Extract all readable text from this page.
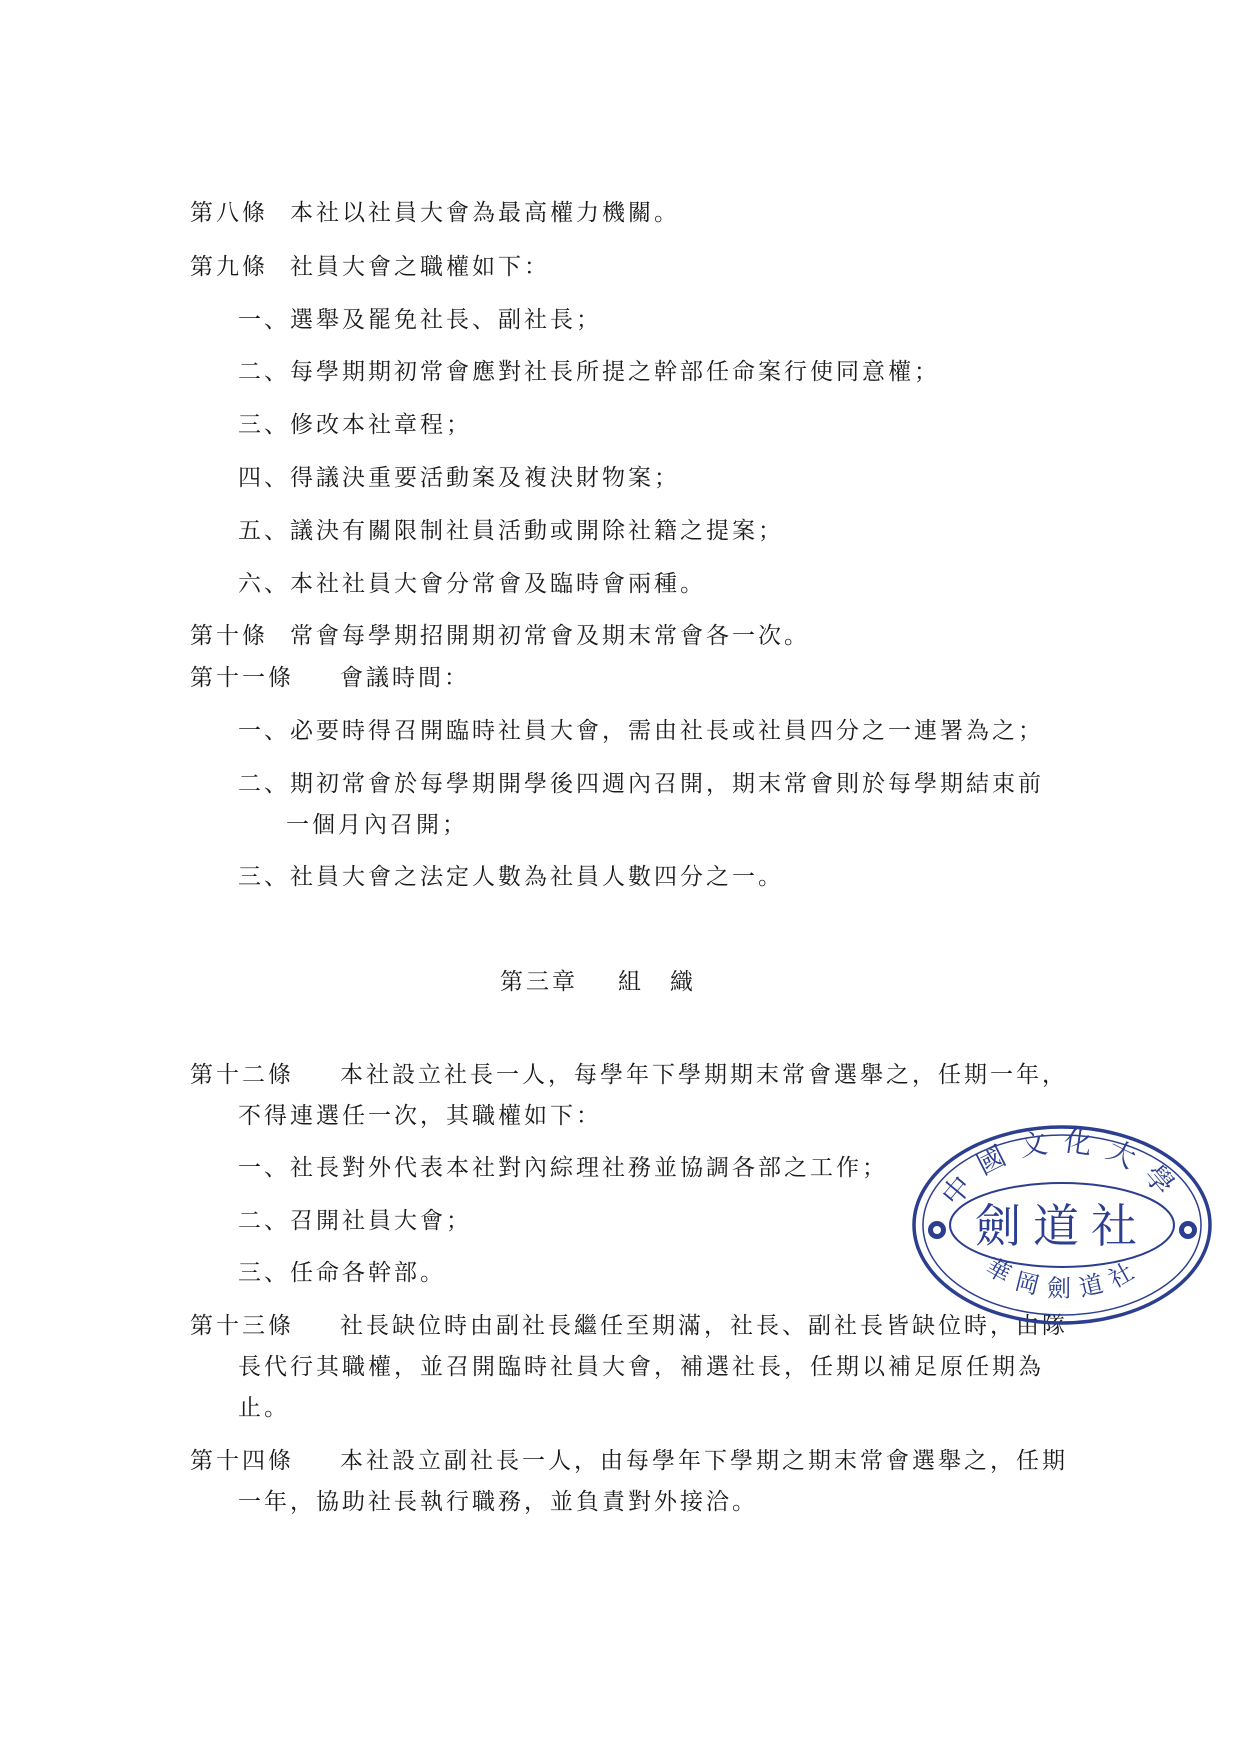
第八條 本社以社員大會為最高權力機關。
第九條 社員大會之職權如下：
一、選舉及罷免社長、副社長；
二、每學期期初常會應對社長所提之幹部任命案行使同意權；
三、修改本社章程；
四、得議決重要活動案及複決財物案；
五、議決有關限制社員活動或開除社籍之提案；
六、本社社員大會分常會及臨時會兩種。
第十條 常會每學期招開期初常會及期末常會各一次。
第十一條 會議時間：
一、必要時得召開臨時社員大會，需由社長或社員四分之一連署為之；
二、期初常會於每學期開學後四週內召開，期末常會則於每學期結束前
一個月內召開；
三、社員大會之法定人數為社員人數四分之一。
第三章 組　織
第十二條 本社設立社長一人，每學年下學期期末常會選舉之，任期一年，
不得連選任一次，其職權如下：
一、社長對外代表本社對內綜理社務並協調各部之工作；
二、召開社員大會；
三、任命各幹部。
第十三條 社長缺位時由副社長繼任至期滿，社長、副社長皆缺位時，由隊
長代行其職權，並召開臨時社員大會，補選社長，任期以補足原任期為
止。
第十四條 本社設立副社長一人，由每學年下學期之期末常會選舉之，任期
一年，協助社長執行職務，並負責對外接洽。
中國文化大學
劍道社
華岡劍道社
